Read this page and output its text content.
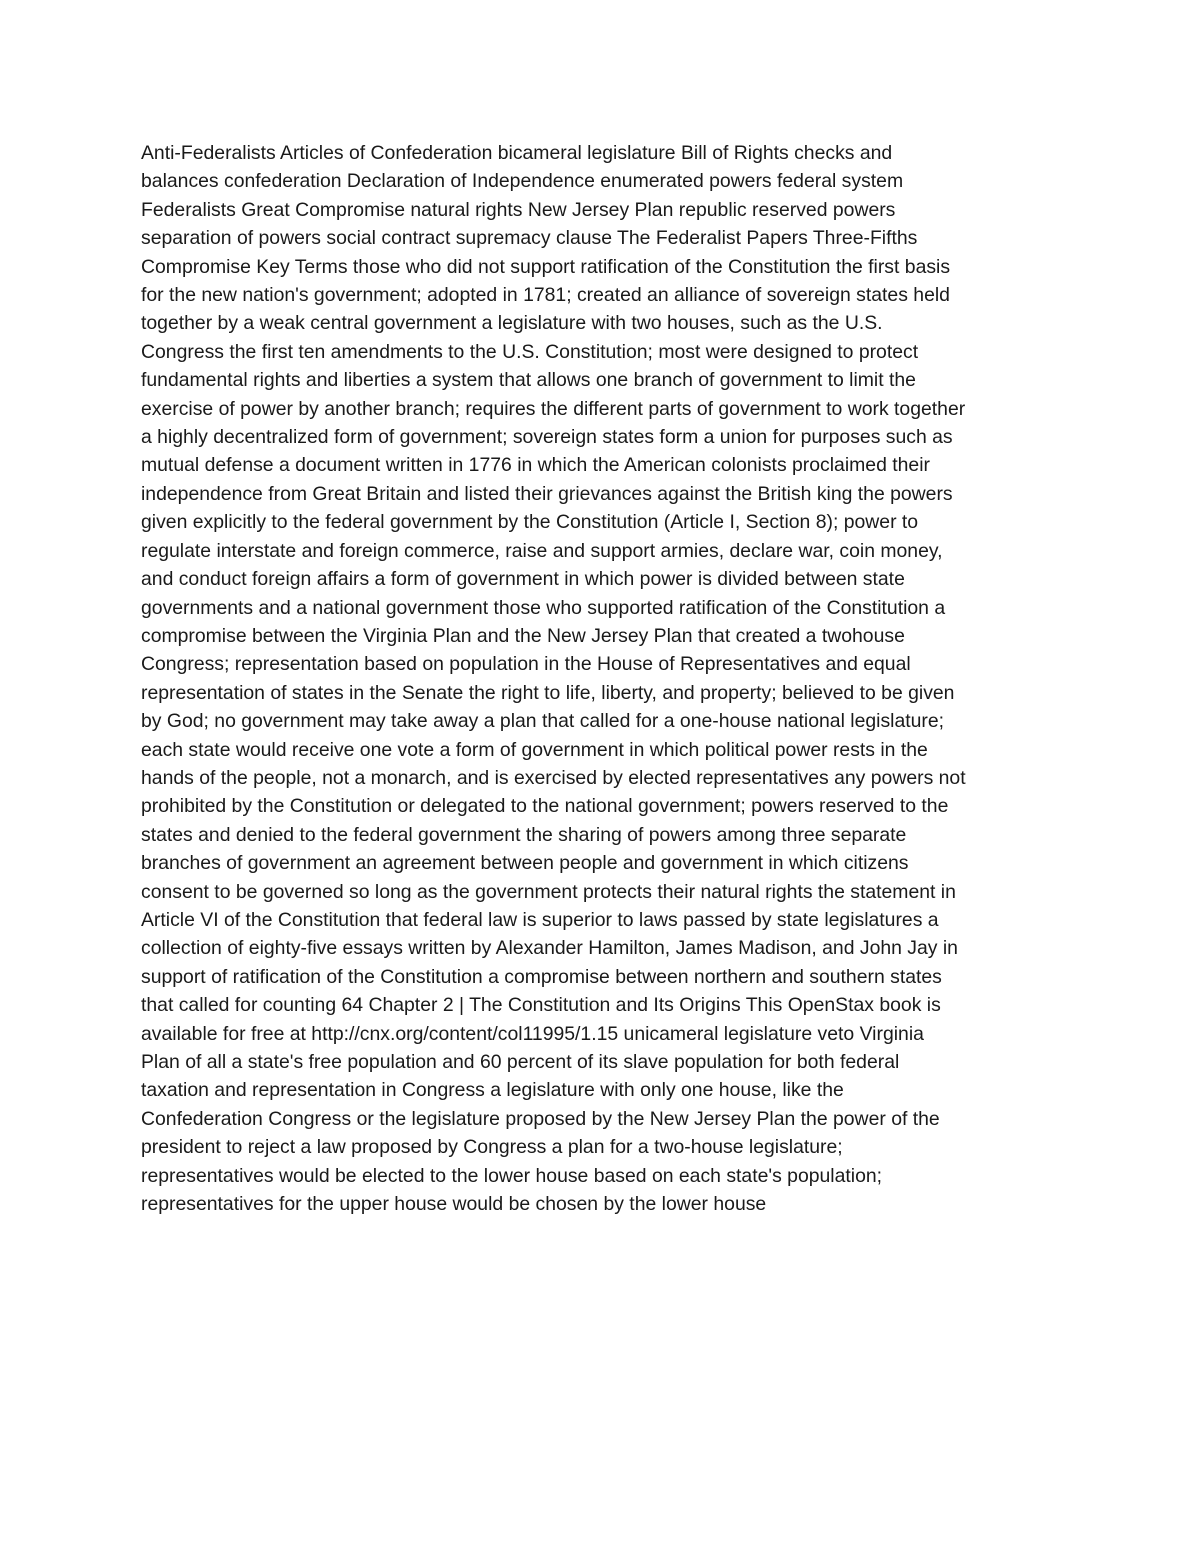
Anti-Federalists Articles of Confederation bicameral legislature Bill of Rights checks and
balances confederation Declaration of Independence enumerated powers federal system
Federalists Great Compromise natural rights New Jersey Plan republic reserved powers
separation of powers social contract supremacy clause The Federalist Papers Three-Fifths
Compromise Key Terms those who did not support ratification of the Constitution the first basis
for the new nation's government; adopted in 1781; created an alliance of sovereign states held
together by a weak central government a legislature with two houses, such as the U.S.
Congress the first ten amendments to the U.S. Constitution; most were designed to protect
fundamental rights and liberties a system that allows one branch of government to limit the
exercise of power by another branch; requires the different parts of government to work together
a highly decentralized form of government; sovereign states form a union for purposes such as
mutual defense a document written in 1776 in which the American colonists proclaimed their
independence from Great Britain and listed their grievances against the British king the powers
given explicitly to the federal government by the Constitution (Article I, Section 8); power to
regulate interstate and foreign commerce, raise and support armies, declare war, coin money,
and conduct foreign affairs a form of government in which power is divided between state
governments and a national government those who supported ratification of the Constitution a
compromise between the Virginia Plan and the New Jersey Plan that created a twohouse
Congress; representation based on population in the House of Representatives and equal
representation of states in the Senate the right to life, liberty, and property; believed to be given
by God; no government may take away a plan that called for a one-house national legislature;
each state would receive one vote a form of government in which political power rests in the
hands of the people, not a monarch, and is exercised by elected representatives any powers not
prohibited by the Constitution or delegated to the national government; powers reserved to the
states and denied to the federal government the sharing of powers among three separate
branches of government an agreement between people and government in which citizens
consent to be governed so long as the government protects their natural rights the statement in
Article VI of the Constitution that federal law is superior to laws passed by state legislatures a
collection of eighty-five essays written by Alexander Hamilton, James Madison, and John Jay in
support of ratification of the Constitution a compromise between northern and southern states
that called for counting 64 Chapter 2 | The Constitution and Its Origins This OpenStax book is
available for free at http://cnx.org/content/col11995/1.15 unicameral legislature veto Virginia
Plan of all a state's free population and 60 percent of its slave population for both federal
taxation and representation in Congress a legislature with only one house, like the
Confederation Congress or the legislature proposed by the New Jersey Plan the power of the
president to reject a law proposed by Congress a plan for a two-house legislature;
representatives would be elected to the lower house based on each state's population;
representatives for the upper house would be chosen by the lower house
